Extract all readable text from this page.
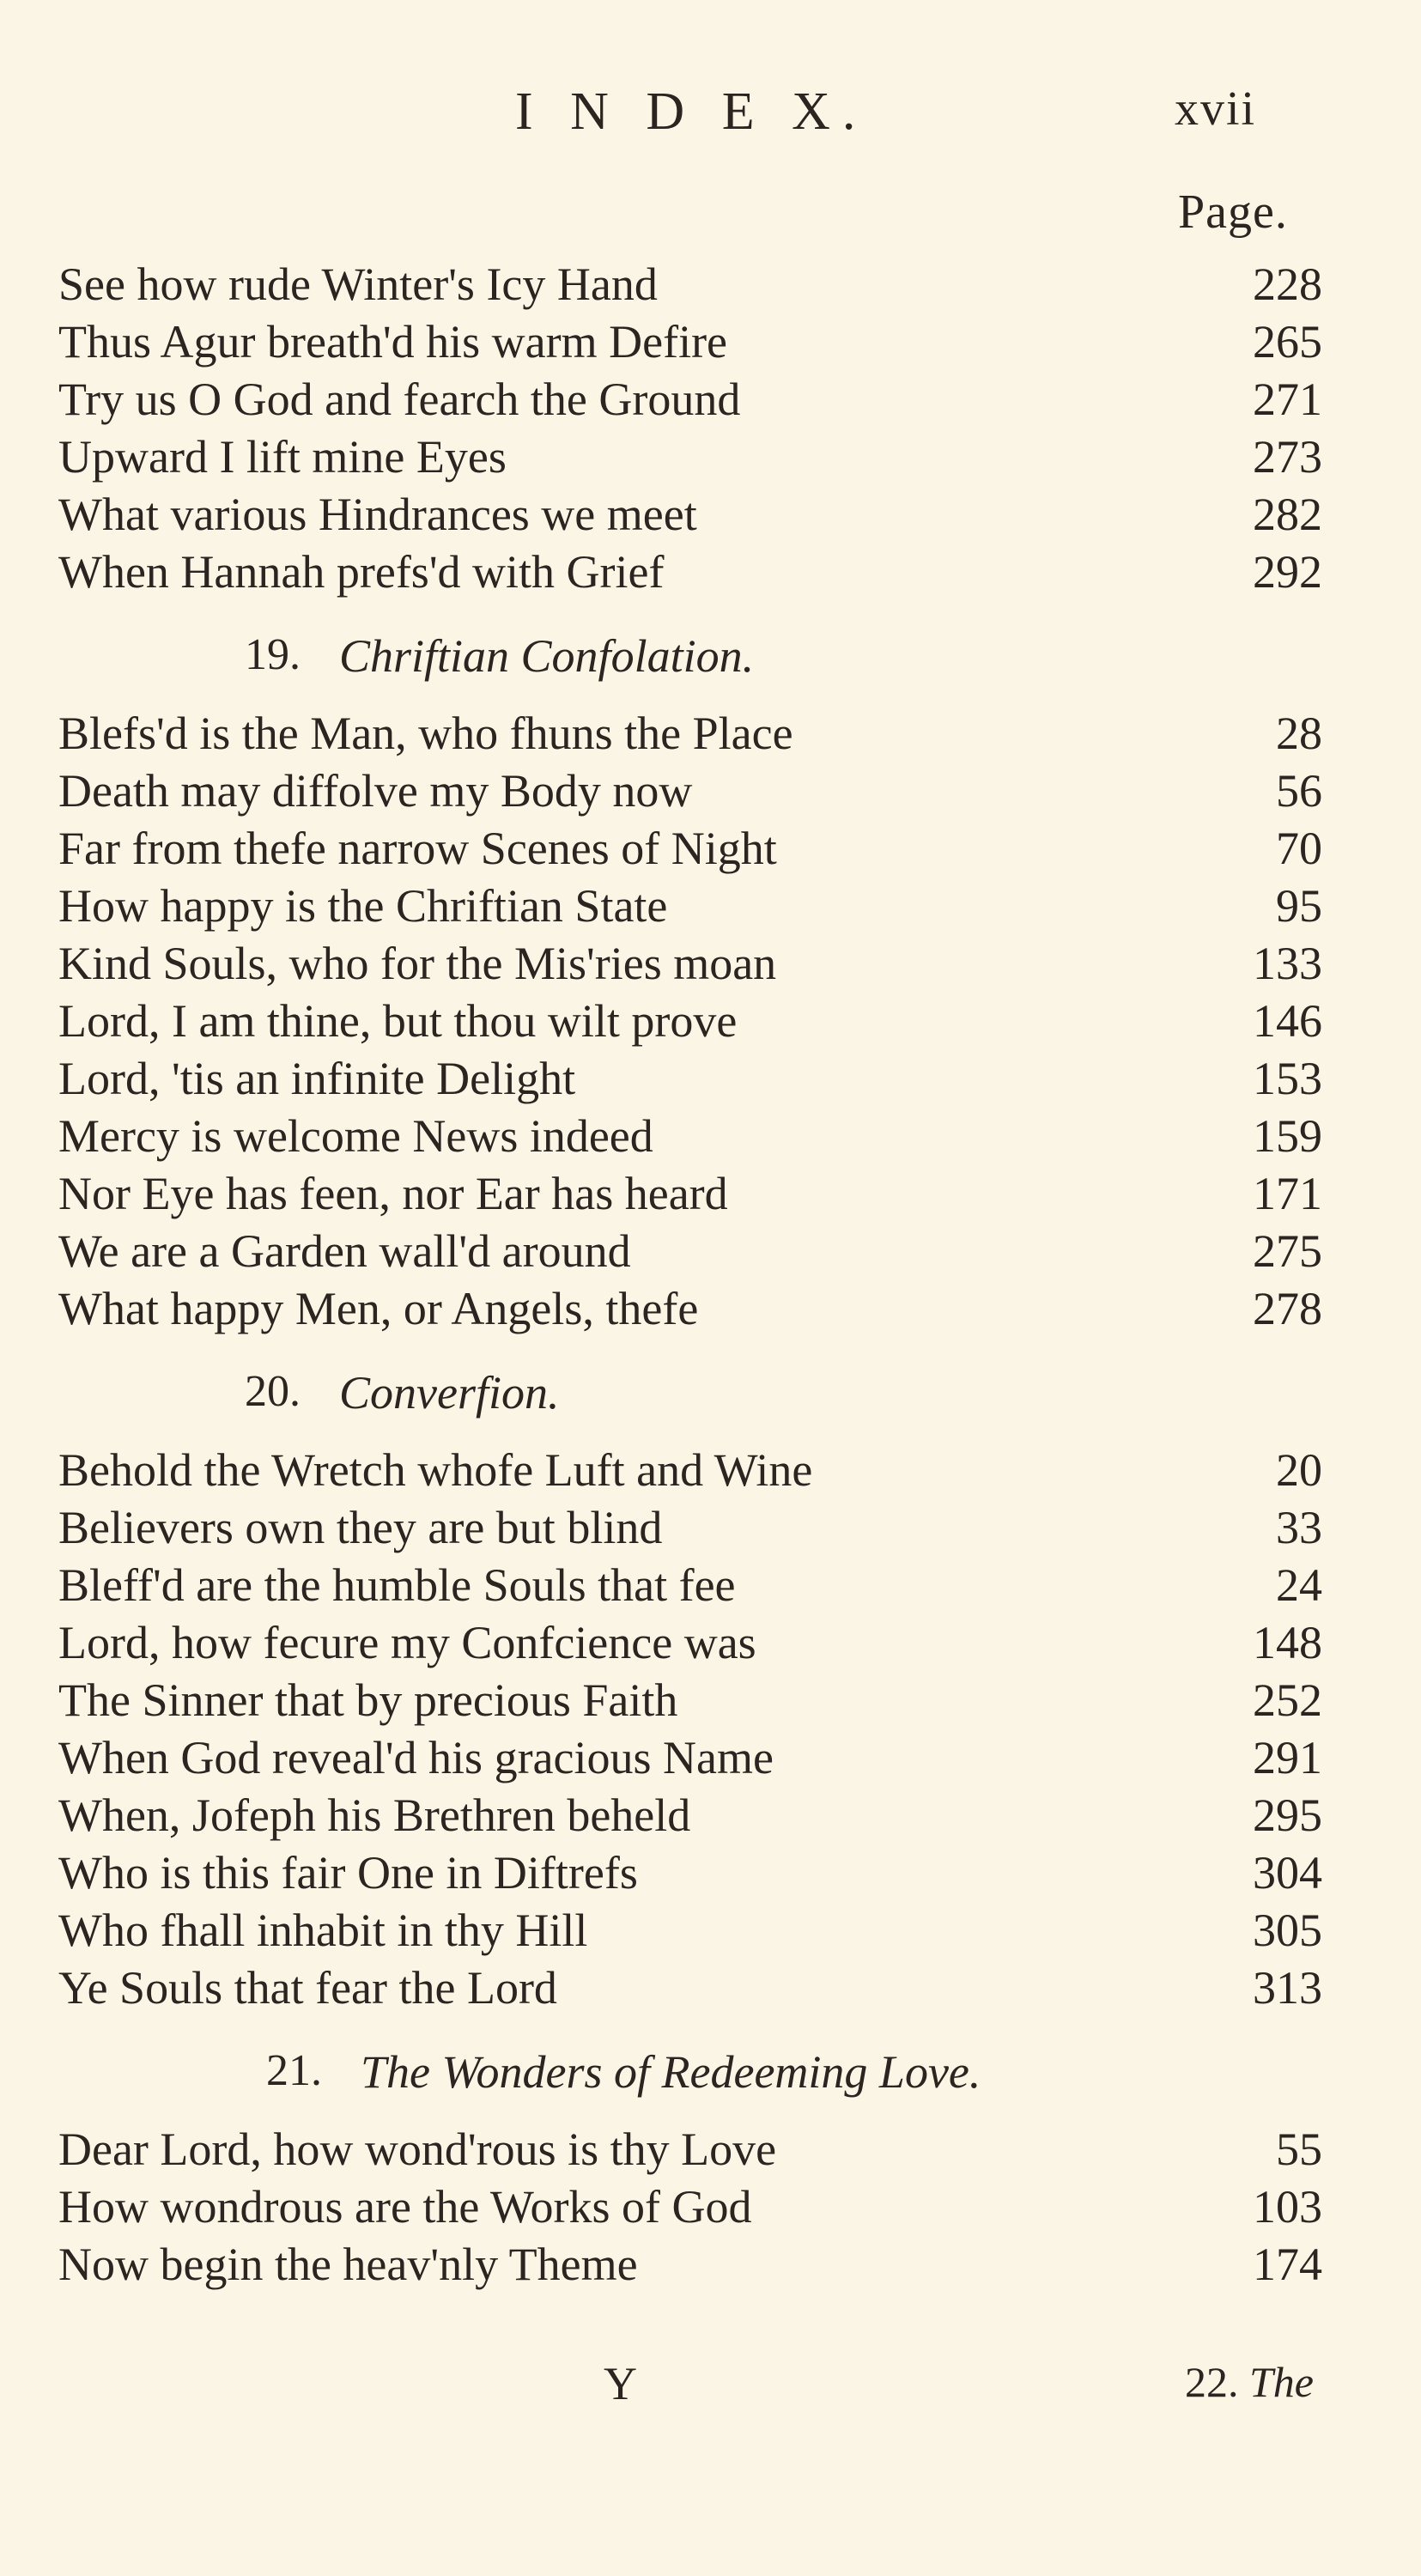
I N D E X.	xvii
Page.
See how rude Winter's Icy Hand	228
Thus Agur breath'd his warm Defire	265
Try us O God and fearch the Ground	271
Upward I lift mine Eyes	273
What various Hindrances we meet	282
When Hannah prefs'd with Grief	292
19. Chriftian Confolation.
Blefs'd is the Man, who fhuns the Place	28
Death may diffolve my Body now	56
Far from thefe narrow Scenes of Night	70
How happy is the Chriftian State	95
Kind Souls, who for the Mis'ries moan	133
Lord, I am thine, but thou wilt prove	146
Lord, 'tis an infinite Delight	153
Mercy is welcome News indeed	159
Nor Eye has feen, nor Ear has heard	171
We are a Garden wall'd around	275
What happy Men, or Angels, thefe	278
20. Converfion.
Behold the Wretch whofe Luft and Wine	20
Believers own they are but blind	33
Bleff'd are the humble Souls that fee	24
Lord, how fecure my Confcience was	148
The Sinner that by precious Faith	252
When God reveal'd his gracious Name	291
When, Jofeph his Brethren beheld	295
Who is this fair One in Diftrefs	304
Who fhall inhabit in thy Hill	305
Ye Souls that fear the Lord	313
21. The Wonders of Redeeming Love.
Dear Lord, how wond'rous is thy Love	55
How wondrous are the Works of God	103
Now begin the heav'nly Theme	174
Y	22. The
